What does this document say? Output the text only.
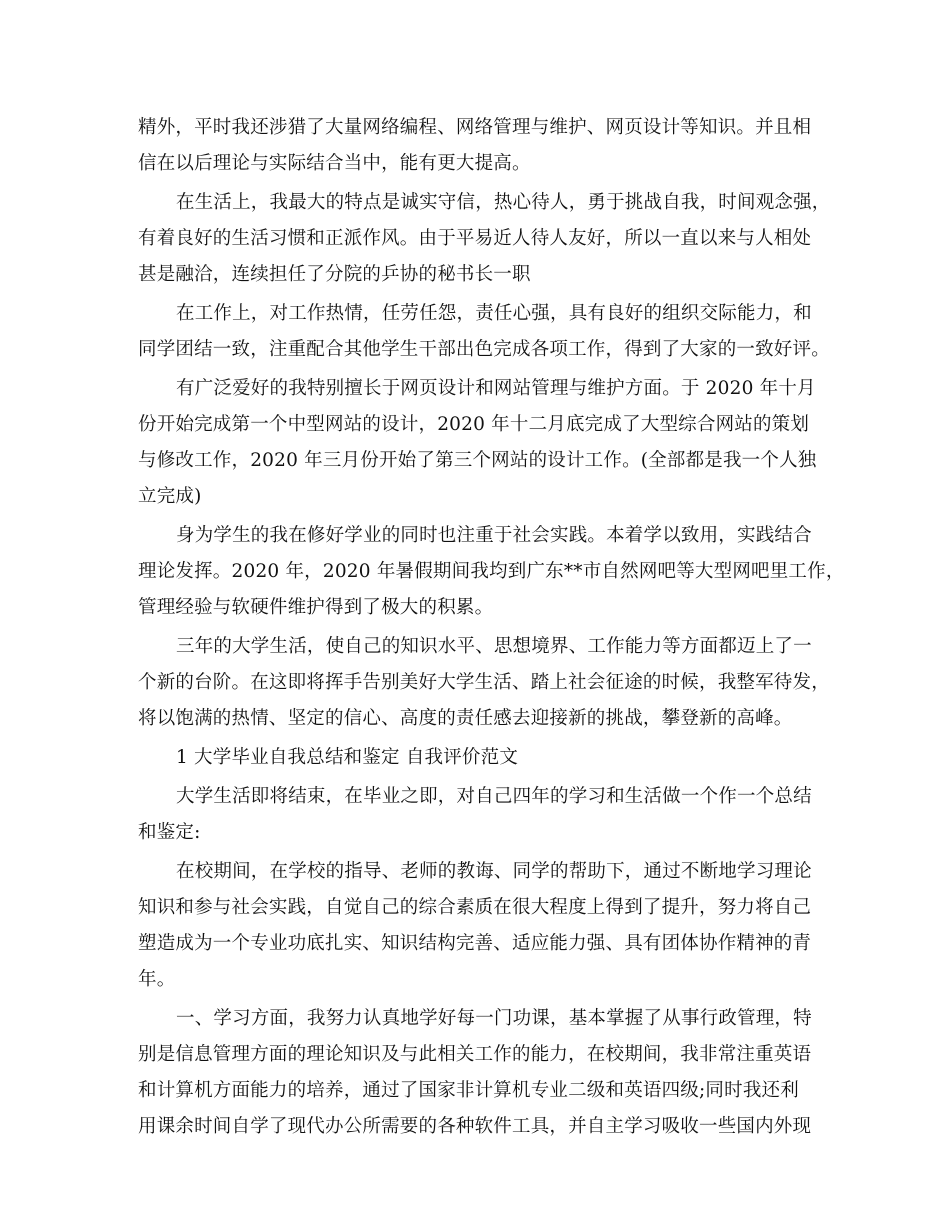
精外，平时我还涉猎了大量网络编程、网络管理与维护、网页设计等知识。并且相
信在以后理论与实际结合当中，能有更大提高。
在生活上，我最大的特点是诚实守信，热心待人，勇于挑战自我，时间观念强，
有着良好的生活习惯和正派作风。由于平易近人待人友好，所以一直以来与人相处
甚是融洽，连续担任了分院的乒协的秘书长一职
在工作上，对工作热情，任劳任怨，责任心强，具有良好的组织交际能力，和
同学团结一致，注重配合其他学生干部出色完成各项工作，得到了大家的一致好评。
有广泛爱好的我特别擅长于网页设计和网站管理与维护方面。于 2020 年十月
份开始完成第一个中型网站的设计，2020 年十二月底完成了大型综合网站的策划
与修改工作，2020 年三月份开始了第三个网站的设计工作。(全部都是我一个人独
立完成)
身为学生的我在修好学业的同时也注重于社会实践。本着学以致用，实践结合
理论发挥。2020 年，2020 年暑假期间我均到广东**市自然网吧等大型网吧里工作，
管理经验与软硬件维护得到了极大的积累。
三年的大学生活，使自己的知识水平、思想境界、工作能力等方面都迈上了一
个新的台阶。在这即将挥手告别美好大学生活、踏上社会征途的时候，我整军待发，
将以饱满的热情、坚定的信心、高度的责任感去迎接新的挑战，攀登新的高峰。
1 大学毕业自我总结和鉴定 自我评价范文
大学生活即将结束，在毕业之即，对自己四年的学习和生活做一个作一个总结
和鉴定:
在校期间，在学校的指导、老师的教诲、同学的帮助下，通过不断地学习理论
知识和参与社会实践，自觉自己的综合素质在很大程度上得到了提升，努力将自己
塑造成为一个专业功底扎实、知识结构完善、适应能力强、具有团体协作精神的青
年。
一、学习方面，我努力认真地学好每一门功课，基本掌握了从事行政管理，特
别是信息管理方面的理论知识及与此相关工作的能力，在校期间，我非常注重英语
和计算机方面能力的培养，通过了国家非计算机专业二级和英语四级;同时我还利
用课余时间自学了现代办公所需要的各种软件工具，并自主学习吸收一些国内外现
